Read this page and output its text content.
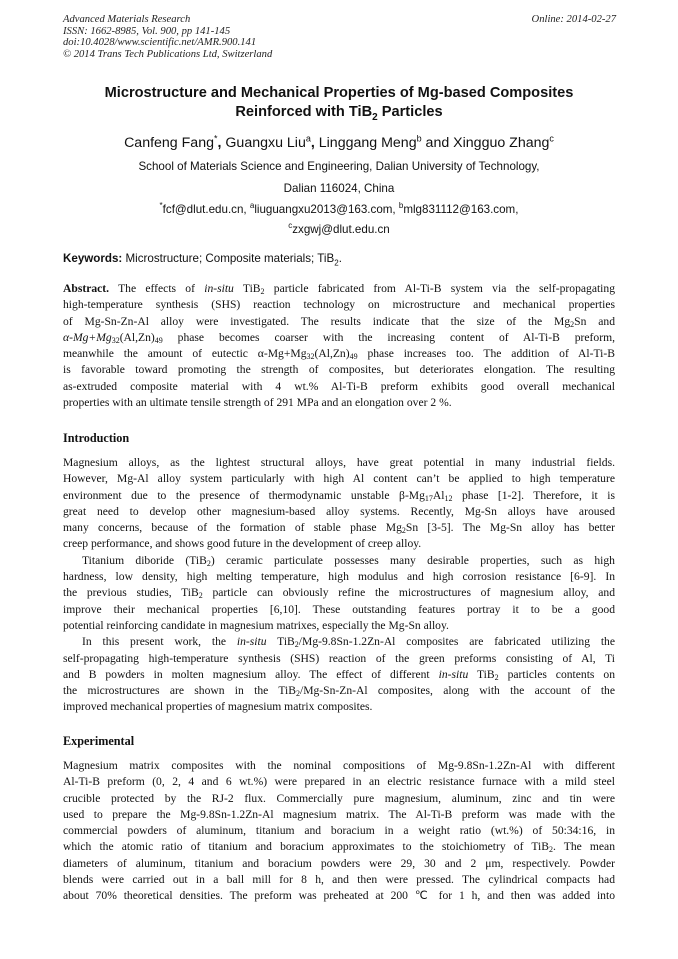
Advanced Materials Research
ISSN: 1662-8985, Vol. 900, pp 141-145
doi:10.4028/www.scientific.net/AMR.900.141
© 2014 Trans Tech Publications Ltd, Switzerland
Online: 2014-02-27
Microstructure and Mechanical Properties of Mg-based Composites
Reinforced with TiB$_2$ Particles
Canfeng Fang*, Guangxu Liu$^a$, Linggang Meng$^b$ and Xingguo Zhang$^c$
School of Materials Science and Engineering, Dalian University of Technology,
Dalian 116024, China
*fcf@dlut.edu.cn, $^a$liuguangxu2013@163.com, $^b$mlg831112@163.com,
$^c$zxgwj@dlut.edu.cn
Keywords: Microstructure; Composite materials; TiB$_2$.
Abstract. The effects of in-situ TiB$_2$ particle fabricated from Al-Ti-B system via the self-propagating
high-temperature synthesis (SHS) reaction technology on microstructure and mechanical properties
of Mg-Sn-Zn-Al alloy were investigated. The results indicate that the size of the $Mg_2Sn$ and
$\alpha-Mg+Mg_{32}(Al,Zn)_{49}$ phase becomes coarser with the increasing content of Al-Ti-B preform,
meanwhile the amount of eutectic $\alpha-Mg+Mg_{32}(Al,Zn)_{49}$ phase increases too. The addition of Al-Ti-B
is favorable toward promoting the strength of composites, but deteriorates elongation. The resulting
as-extruded composite material with 4 wt.% Al-Ti-B preform exhibits good overall mechanical
properties with an ultimate tensile strength of 291 MPa and an elongation over 2 %.
Introduction
Magnesium alloys, as the lightest structural alloys, have great potential in many industrial fields.
However, Mg-Al alloy system particularly with high Al content can’t be applied to high temperature
environment due to the presence of thermodynamic unstable $\beta-Mg_{17}Al_{12}$ phase [1-2]. Therefore, it is
great need to develop other magnesium-based alloy systems. Recently, Mg-Sn alloys have aroused
many concerns, because of the formation of stable phase $Mg_2Sn$ [3-5]. The Mg-Sn alloy has better
creep performance, and shows good future in the development of creep alloy.
Titanium diboride (TiB$_2$) ceramic particulate possesses many desirable properties, such as high
hardness, low density, high melting temperature, high modulus and high corrosion resistance [6-9]. In
the previous studies, TiB$_2$ particle can obviously refine the microstructures of magnesium alloy, and
improve their mechanical properties [6,10]. These outstanding features portray it to be a good
potential reinforcing candidate in magnesium matrixes, especially the Mg-Sn alloy.
In this present work, the in-situ TiB$_2$/Mg-9.8Sn-1.2Zn-Al composites are fabricated utilizing the
self-propagating high-temperature synthesis (SHS) reaction of the green preforms consisting of Al, Ti
and B powders in molten magnesium alloy. The effect of different in-situ TiB$_2$ particles contents on
the microstructures are shown in the TiB$_2$/Mg-Sn-Zn-Al composites, along with the account of the
improved mechanical properties of magnesium matrix composites.
Experimental
Magnesium matrix composites with the nominal compositions of Mg-9.8Sn-1.2Zn-Al with different
Al-Ti-B preform (0, 2, 4 and 6 wt.%) were prepared in an electric resistance furnace with a mild steel
crucible protected by the RJ-2 flux. Commercially pure magnesium, aluminum, zinc and tin were
used to prepare the Mg-9.8Sn-1.2Zn-Al magnesium matrix. The Al-Ti-B preform was made with the
commercial powders of aluminum, titanium and boracium in a weight ratio (wt.%) of 50:34:16, in
which the atomic ratio of titanium and boracium approximates to the stoichiometry of TiB$_2$. The mean
diameters of aluminum, titanium and boracium powders were 29, 30 and 2 μm, respectively. Powder
blends were carried out in a ball mill for 8 h, and then were pressed. The cylindrical compacts had
about 70% theoretical densities. The preform was preheated at 200 ℃ for 1 h, and then was added into
